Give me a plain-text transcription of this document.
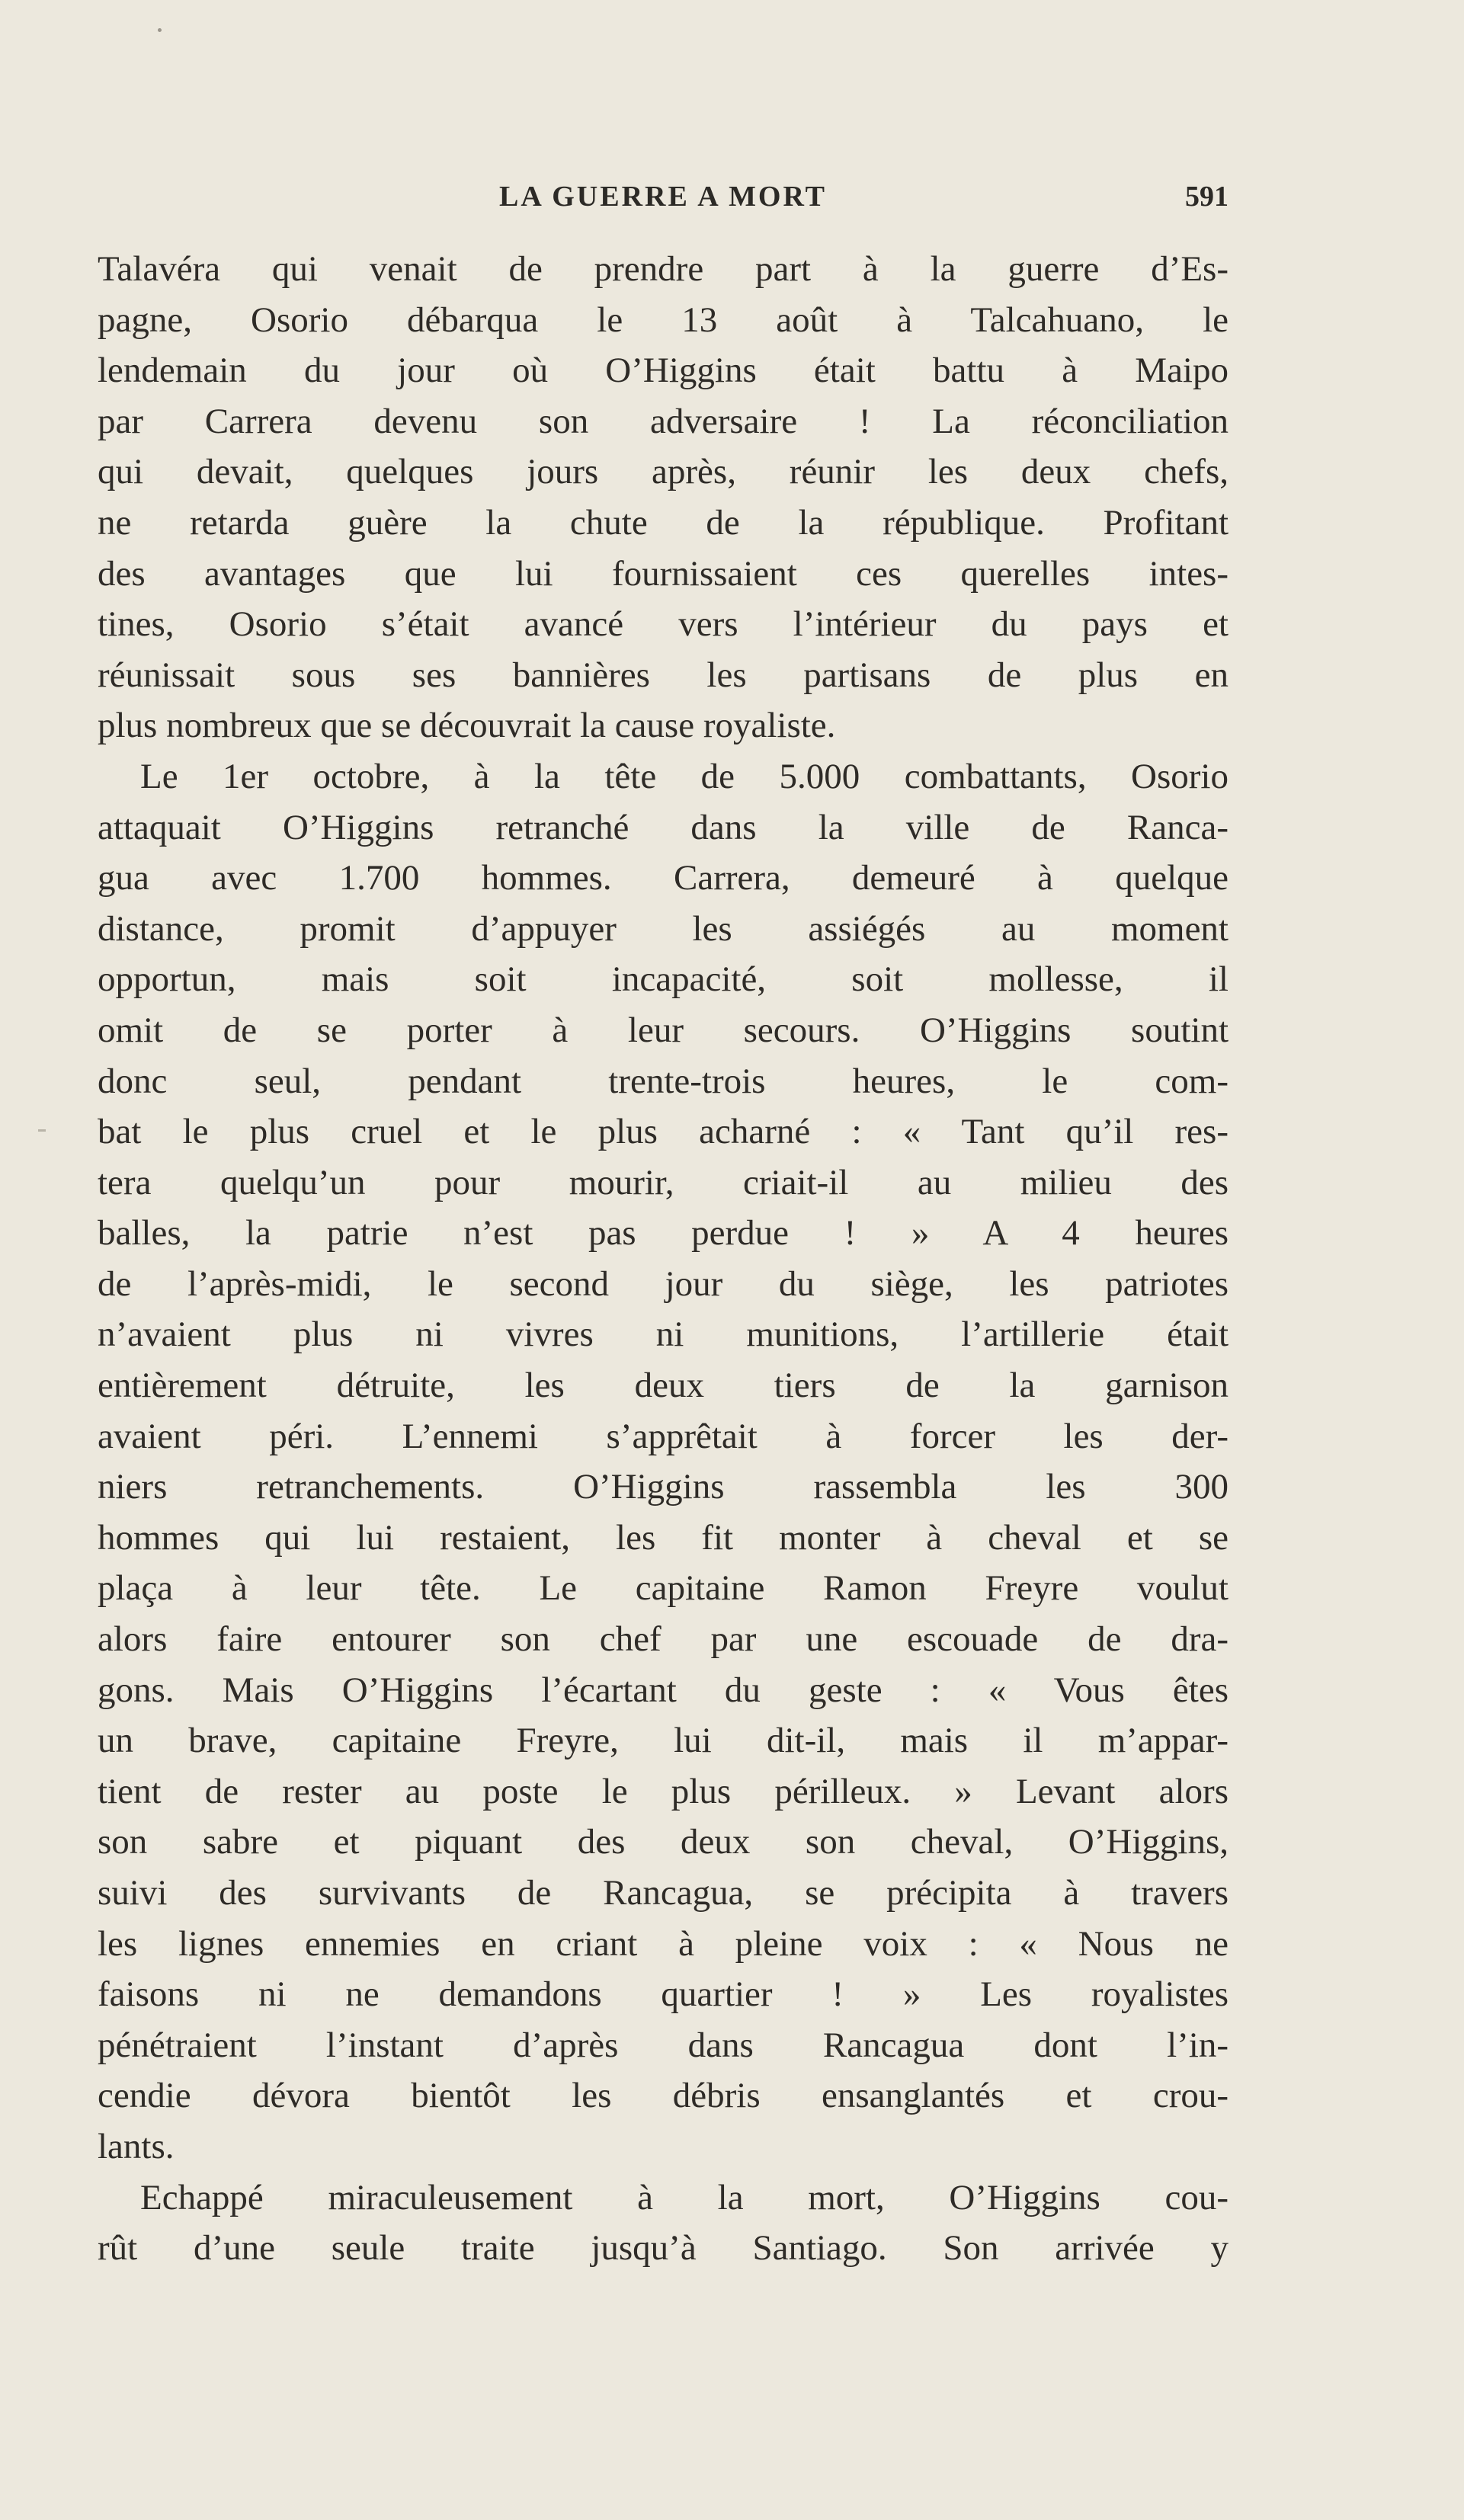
LA GUERRE A MORT	591
Talavéra qui venait de prendre part à la guerre d’Es-
pagne, Osorio débarqua le 13 août à Talcahuano, le
lendemain du jour où O’Higgins était battu à Maipo
par Carrera devenu son adversaire ! La réconciliation
qui devait, quelques jours après, réunir les deux chefs,
ne retarda guère la chute de la république. Profitant
des avantages que lui fournissaient ces querelles intes-
tines, Osorio s’était avancé vers l’intérieur du pays et
réunissait sous ses bannières les partisans de plus en
plus nombreux que se découvrait la cause royaliste.
Le 1er octobre, à la tête de 5.000 combattants, Osorio
attaquait O’Higgins retranché dans la ville de Ranca-
gua avec 1.700 hommes. Carrera, demeuré à quelque
distance, promit d’appuyer les assiégés au moment
opportun, mais soit incapacité, soit mollesse, il
omit de se porter à leur secours. O’Higgins soutint
donc seul, pendant trente-trois heures, le com-
bat le plus cruel et le plus acharné : « Tant qu’il res-
tera quelqu’un pour mourir, criait-il au milieu des
balles, la patrie n’est pas perdue ! » A 4 heures
de l’après-midi, le second jour du siège, les patriotes
n’avaient plus ni vivres ni munitions, l’artillerie était
entièrement détruite, les deux tiers de la garnison
avaient péri. L’ennemi s’apprêtait à forcer les der-
niers retranchements. O’Higgins rassembla les 300
hommes qui lui restaient, les fit monter à cheval et se
plaça à leur tête. Le capitaine Ramon Freyre voulut
alors faire entourer son chef par une escouade de dra-
gons. Mais O’Higgins l’écartant du geste : « Vous êtes
un brave, capitaine Freyre, lui dit-il, mais il m’appar-
tient de rester au poste le plus périlleux. » Levant alors
son sabre et piquant des deux son cheval, O’Higgins,
suivi des survivants de Rancagua, se précipita à travers
les lignes ennemies en criant à pleine voix : « Nous ne
faisons ni ne demandons quartier ! » Les royalistes
pénétraient l’instant d’après dans Rancagua dont l’in-
cendie dévora bientôt les débris ensanglantés et crou-
lants.
Echappé miraculeusement à la mort, O’Higgins cou-
rût d’une seule traite jusqu’à Santiago. Son arrivée y
